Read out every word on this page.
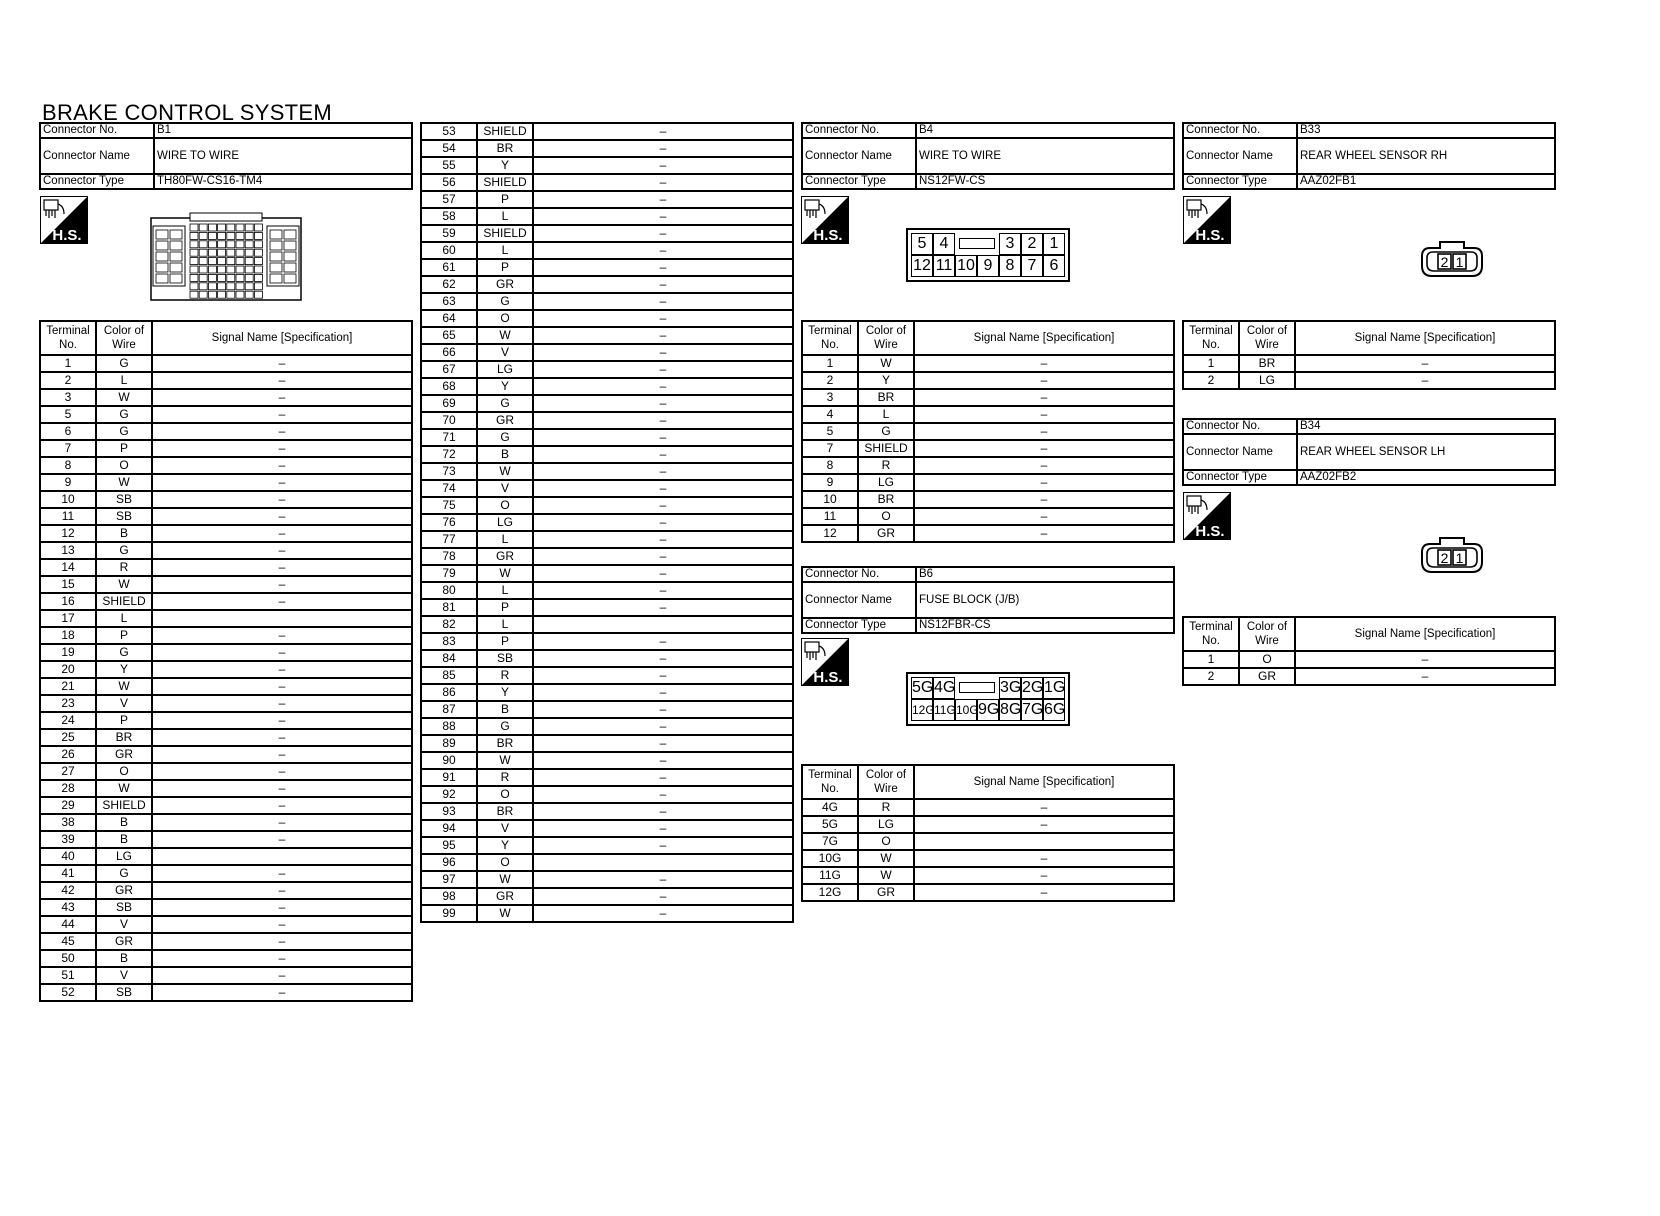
BRAKE CONTROL SYSTEM
Connector No.	B1
Connector Name	WIRE TO WIRE
Connector Type	TH80FW-CS16-TM4
H.S.
Terminal No.	Color of Wire	Signal Name [Specification]
1	G	–
2	L	–
3	W	–
5	G	–
6	G	–
7	P	–
8	O	–
9	W	–
10	SB	–
11	SB	–
12	B	–
13	G	–
14	R	–
15	W	–
16	SHIELD	–
17	L	
18	P	–
19	G	–
20	Y	–
21	W	–
23	V	–
24	P	–
25	BR	–
26	GR	–
27	O	–
28	W	–
29	SHIELD	–
38	B	–
39	B	–
40	LG	
41	G	–
42	GR	–
43	SB	–
44	V	–
45	GR	–
50	B	–
51	V	–
52	SB	–
53	SHIELD	–
54	BR	–
55	Y	–
56	SHIELD	–
57	P	–
58	L	–
59	SHIELD	–
60	L	–
61	P	–
62	GR	–
63	G	–
64	O	–
65	W	–
66	V	–
67	LG	–
68	Y	–
69	G	–
70	GR	–
71	G	–
72	B	–
73	W	–
74	V	–
75	O	–
76	LG	–
77	L	–
78	GR	–
79	W	–
80	L	–
81	P	–
82	L	
83	P	–
84	SB	–
85	R	–
86	Y	–
87	B	–
88	G	–
89	BR	–
90	W	–
91	R	–
92	O	–
93	BR	–
94	V	–
95	Y	–
96	O	
97	W	–
98	GR	–
99	W	–
Connector No.	B4
Connector Name	WIRE TO WIRE
Connector Type	NS12FW-CS
H.S.	5 4	3 2 1
12 11 10 9 8 7 6
Terminal No.	Color of Wire	Signal Name [Specification]
1	W	–
2	Y	–
3	BR	–
4	L	–
5	G	–
7	SHIELD	–
8	R	–
9	LG	–
10	BR	–
11	O	–
12	GR	–
Connector No.	B6
Connector Name	FUSE BLOCK (J/B)
Connector Type	NS12FBR-CS
H.S.
5G 4G	3G 2G 1G
12G 11G 10G 9G 8G 7G 6G
Terminal No.	Color of Wire	Signal Name [Specification]
4G	R	–
5G	LG	–
7G	O	
10G	W	–
11G	W	–
12G	GR	–
Connector No.	B33
Connector Name	REAR WHEEL SENSOR RH
Connector Type	AAZ02FB1
H.S.
2 1
Terminal No.	Color of Wire	Signal Name [Specification]
1	BR	–
2	LG	–
Connector No.	B34
Connector Name	REAR WHEEL SENSOR LH
Connector Type	AAZ02FB2
H.S.
2 1
Terminal No.	Color of Wire	Signal Name [Specification]
1	O	–
2	GR	–
